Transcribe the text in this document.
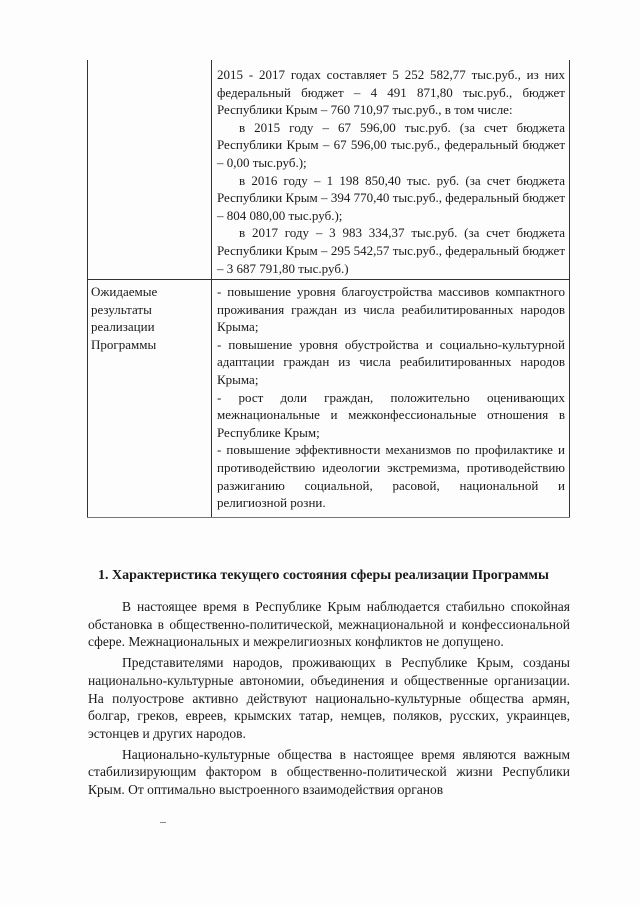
2015 - 2017 годах составляет 5 252 582,77 тыс.руб., из них федеральный бюджет – 4 491 871,80 тыс.руб., бюджет Республики Крым – 760 710,97 тыс.руб., в том числе:

в 2015 году – 67 596,00 тыс.руб. (за счет бюджета Республики Крым – 67 596,00 тыс.руб., федеральный бюджет – 0,00 тыс.руб.);

в 2016 году – 1 198 850,40 тыс. руб. (за счет бюджета Республики Крым – 394 770,40 тыс.руб., федеральный бюджет – 804 080,00 тыс.руб.);

в 2017 году – 3 983 334,37 тыс.руб. (за счет бюджета Республики Крым – 295 542,57 тыс.руб., федеральный бюджет – 3 687 791,80 тыс.руб.)

Ожидаемые
результаты
реализации
Программы

- повышение уровня благоустройства массивов компактного проживания граждан из числа реабилитированных народов Крыма;

- повышение уровня обустройства и социально-культурной адаптации граждан из числа реабилитированных народов Крыма;

- рост доли граждан, положительно оценивающих межнациональные и межконфессиональные отношения в Республике Крым;

- повышение эффективности механизмов по профилактике и противодействию идеологии экстремизма, противодействию разжиганию социальной, расовой, национальной и религиозной розни.

1. Характеристика текущего состояния сферы реализации Программы

В настоящее время в Республике Крым наблюдается стабильно спокойная обстановка в общественно-политической, межнациональной и конфессиональной сфере. Межнациональных и межрелигиозных конфликтов не допущено.

Представителями народов, проживающих в Республике Крым, созданы национально-культурные автономии, объединения и общественные организации. На полуострове активно действуют национально-культурные общества армян, болгар, греков, евреев, крымских татар, немцев, поляков, русских, украинцев, эстонцев и других народов.

Национально-культурные общества в настоящее время являются важным стабилизирующим фактором в общественно-политической жизни Республики Крым. От оптимально выстроенного взаимодействия органов
